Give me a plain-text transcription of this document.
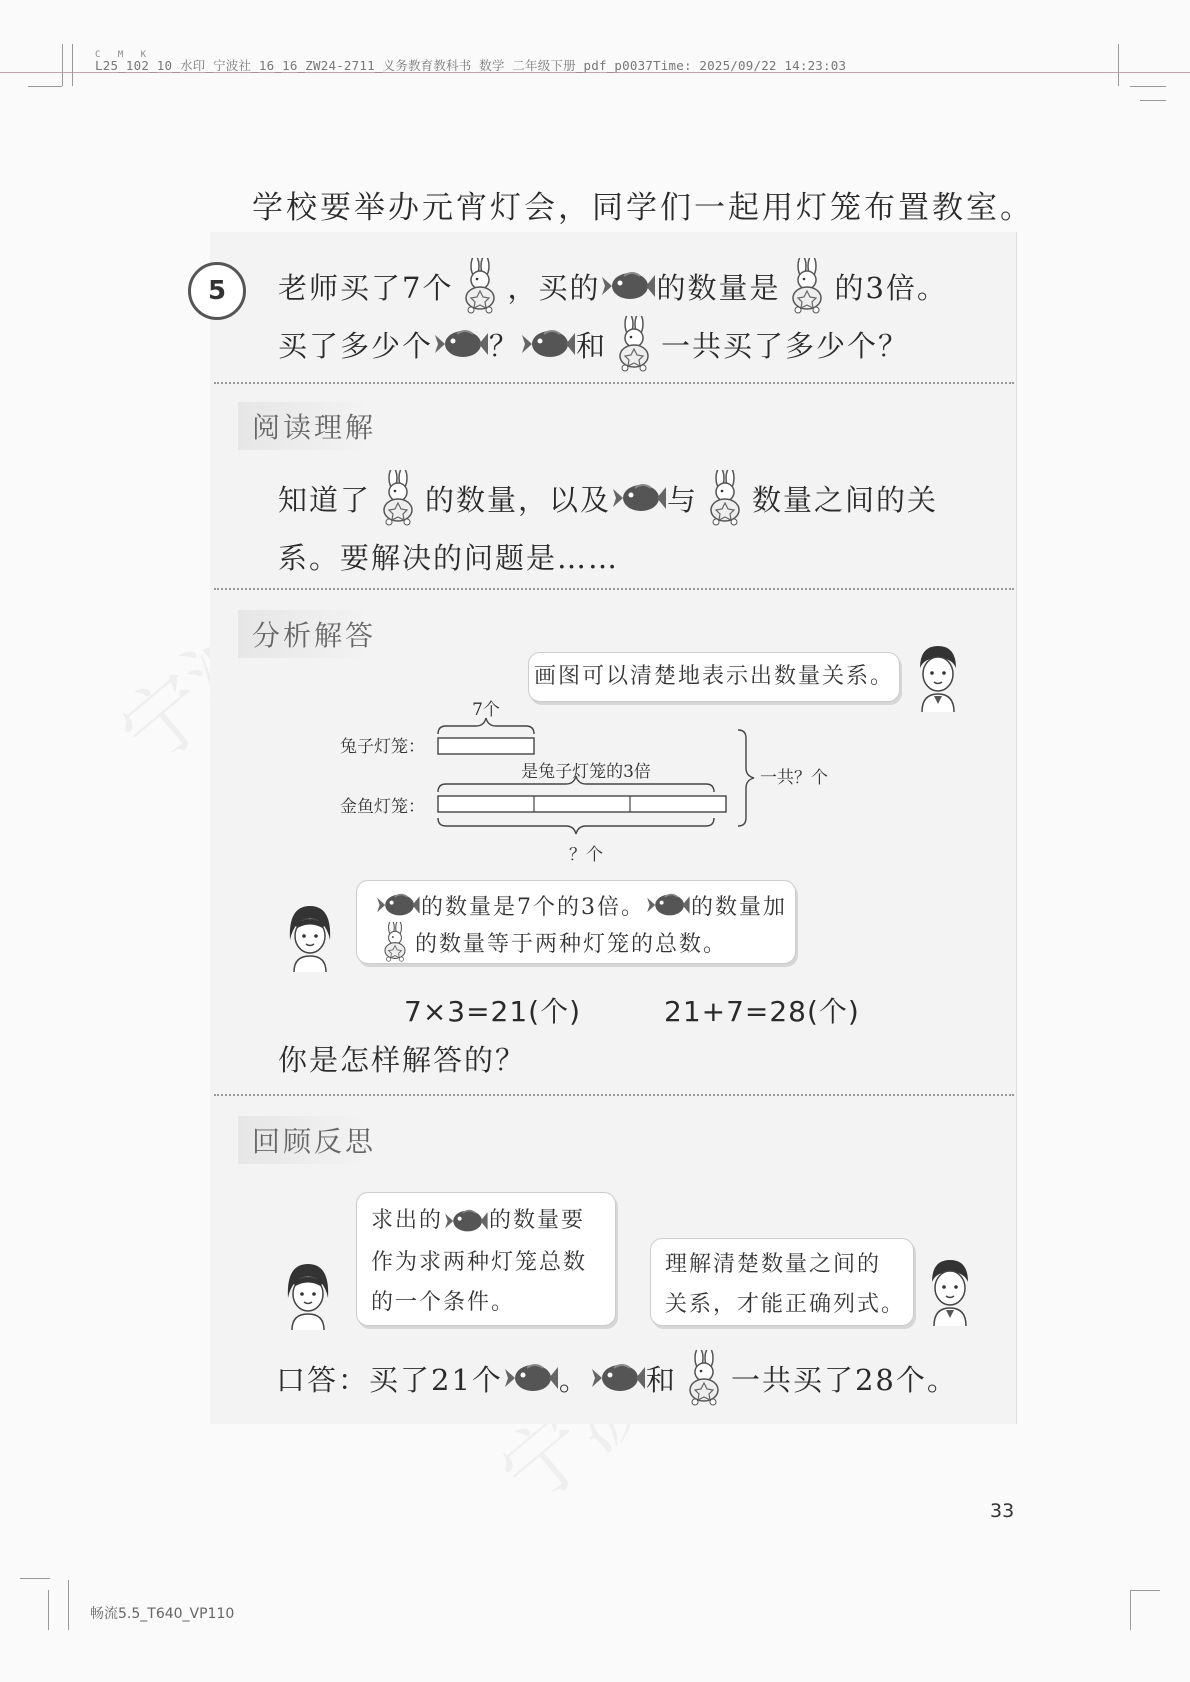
C M K
L25_102_10_水印_宁波社_16_16_ZW24-2711_义务教育教科书 数学 二年级下册_pdf_p0037Time: 2025/09/22 14:23:03
学校要举办元宵灯会，同学们一起用灯笼布置教室。
5	老师买了7个 ，买的 的数量是 的3倍。
买了多少个 ？ 和 一共买了多少个？
阅读理解
知道了 的数量，以及 与 数量之间的关
系。要解决的问题是……
分析解答
画图可以清楚地表示出数量关系。
7个
兔子灯笼：
是兔子灯笼的3倍
金鱼灯笼：
？个
一共？个
的数量是7个的3倍。 的数量加
的数量等于两种灯笼的总数。
7×3=21(个)	21+7=28(个)
你是怎样解答的？
回顾反思
求出的 的数量要
作为求两种灯笼总数
的一个条件。
理解清楚数量之间的
关系，才能正确列式。
口答：买了21个 。 和 一共买了28个。
33
畅流5.5_T640_VP110
